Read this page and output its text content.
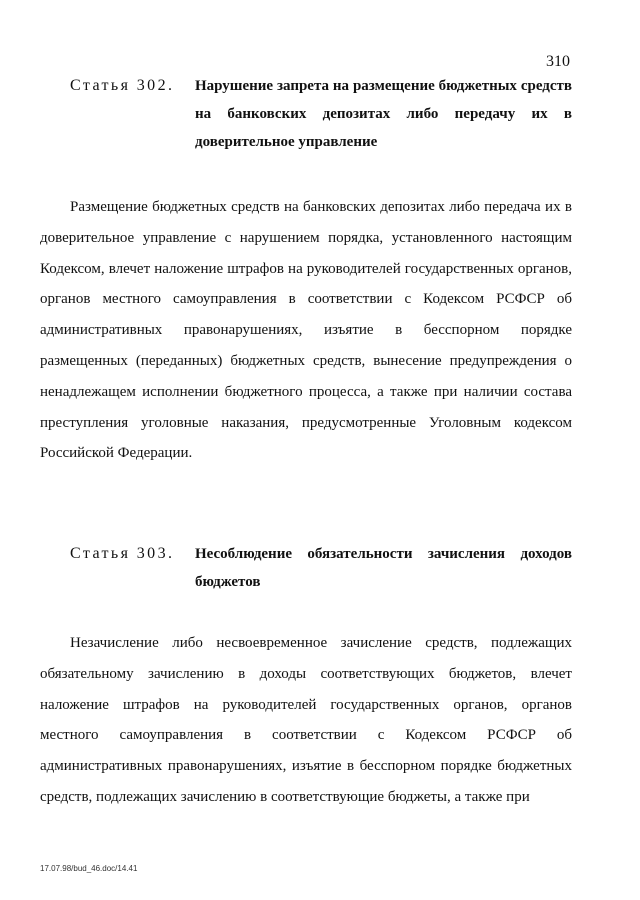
310
Статья 302.	Нарушение запрета на размещение бюджетных средств на банковских депозитах либо передачу их в доверительное управление

Размещение бюджетных средств на банковских депозитах либо передача их в доверительное управление с нарушением порядка, установленного настоящим Кодексом, влечет наложение штрафов на руководителей государственных органов, органов местного самоуправления в соответствии с Кодексом РСФСР об административных правонарушениях, изъятие в бесспорном порядке размещенных (переданных) бюджетных средств, вынесение предупреждения о ненадлежащем исполнении бюджетного процесса, а также при наличии состава преступления уголовные наказания, предусмотренные Уголовным кодексом Российской Федерации.

Статья 303.	Несоблюдение обязательности зачисления доходов бюджетов

Незачисление либо несвоевременное зачисление средств, подлежащих обязательному зачислению в доходы соответствующих бюджетов, влечет наложение штрафов на руководителей государственных органов, органов местного самоуправления в соответствии с Кодексом РСФСР об административных правонарушениях, изъятие в бесспорном порядке бюджетных средств, подлежащих зачислению в соответствующие бюджеты, а также при

17.07.98/bud_46.doc/14.41
